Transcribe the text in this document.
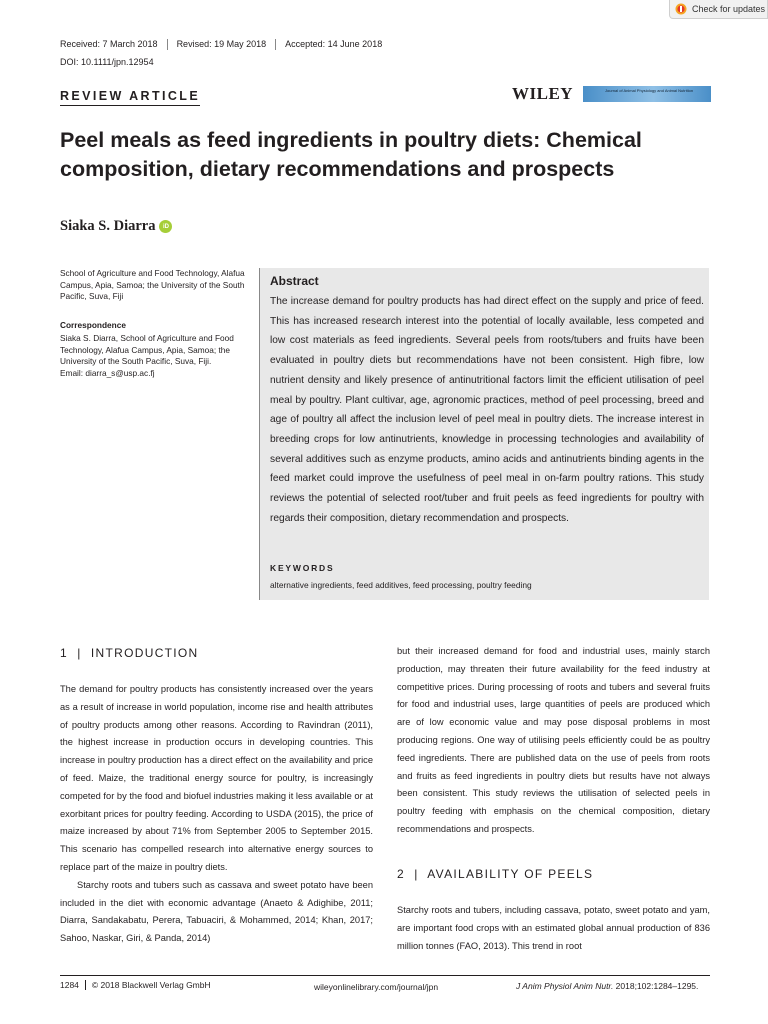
Check for updates
Received: 7 March 2018	Revised: 19 May 2018	Accepted: 14 June 2018
DOI: 10.1111/jpn.12954
REVIEW ARTICLE	WILEY	Journal of Animal Physiology and Animal Nutrition
Peel meals as feed ingredients in poultry diets: Chemical composition, dietary recommendations and prospects
Siaka S. Diarra	iD
School of Agriculture and Food Technology, Alafua Campus, Apia, Samoa; the University of the South Pacific, Suva, Fiji
Correspondence
Siaka S. Diarra, School of Agriculture and Food Technology, Alafua Campus, Apia, Samoa; the University of the South Pacific, Suva, Fiji.
Email: diarra_s@usp.ac.fj
Abstract
The increase demand for poultry products has had direct effect on the supply and price of feed. This has increased research interest into the potential of locally available, less competed and low cost materials as feed ingredients. Several peels from roots/tubers and fruits have been evaluated in poultry diets but recommendations have not been consistent. High fibre, low nutrient density and likely presence of antinutritional factors limit the efficient utilisation of peel meal by poultry. Plant cultivar, age, agronomic practices, method of peel processing, breed and age of poultry all affect the inclusion level of peel meal in poultry diets. The increase interest in breeding crops for low antinutrients, knowledge in processing technologies and availability of several additives such as enzyme products, amino acids and antinutrients binding agents in the feed market could improve the usefulness of peel meal in on-farm poultry rations. This study reviews the potential of selected root/tuber and fruit peels as feed ingredients for poultry with regards their composition, dietary recommendation and prospects.
KEYWORDS
alternative ingredients, feed additives, feed processing, poultry feeding
1  |  INTRODUCTION

The demand for poultry products has consistently increased over the years as a result of increase in world population, income rise and health attributes of poultry products among other reasons. According to Ravindran (2011), the highest increase in production occurs in developing countries. This increase in poultry production has a direct effect on the availability and price of feed. Maize, the traditional energy source for poultry, is increasingly competed for by the food and biofuel industries making it less available or at exorbitant prices for poultry feeding. According to USDA (2015), the price of maize increased by about 71% from September 2005 to September 2015. This scenario has compelled research into alternative energy sources to replace part of the maize in poultry diets.

Starchy roots and tubers such as cassava and sweet potato have been included in the diet with economic advantage (Anaeto & Adighibe, 2011; Diarra, Sandakabatu, Perera, Tabuaciri, & Mohammed, 2014; Khan, 2017; Sahoo, Naskar, Giri, & Panda, 2014)

but their increased demand for food and industrial uses, mainly starch production, may threaten their future availability for the feed industry at competitive prices. During processing of roots and tubers and several fruits for food and industrial uses, large quantities of peels are produced which are of low economic value and may pose disposal problems in most producing regions. One way of utilising peels efficiently could be as poultry feed ingredients. There are published data on the use of peels from roots and fruits as feed ingredients in poultry diets but results have not always been consistent. This study reviews the utilisation of selected peels in poultry feeding with emphasis on the chemical composition, dietary recommendations and prospects.

2  |  AVAILABILITY OF PEELS

Starchy roots and tubers, including cassava, potato, sweet potato and yam, are important food crops with an estimated global annual production of 836 million tonnes (FAO, 2013). This trend in root

1284	© 2018 Blackwell Verlag GmbH	wileyonlinelibrary.com/journal/jpn	J Anim Physiol Anim Nutr. 2018;102:1284–1295.
